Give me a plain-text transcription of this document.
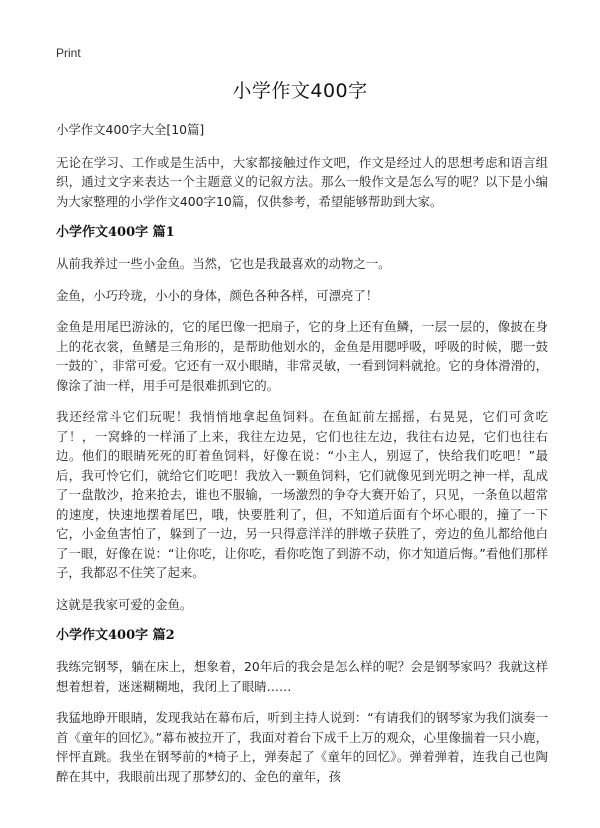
Print
小学作文400字

小学作文400字大全[10篇]

无论在学习、工作或是生活中，大家都接触过作文吧，作文是经过人的思想考虑和语言组织，通过文字来表达一个主题意义的记叙方法。那么一般作文是怎么写的呢？以下是小编为大家整理的小学作文400字10篇，仅供参考，希望能够帮助到大家。

小学作文400字 篇1

从前我养过一些小金鱼。当然，它也是我最喜欢的动物之一。

金鱼，小巧玲珑，小小的身体，颜色各种各样，可漂亮了！

金鱼是用尾巴游泳的，它的尾巴像一把扇子，它的身上还有鱼鳞，一层一层的，像披在身上的花衣裳，鱼鳍是三角形的，是帮助他划水的，金鱼是用腮呼吸，呼吸的时候，腮一鼓一鼓的`，非常可爱。它还有一双小眼睛，非常灵敏，一看到饲料就抢。它的身体滑滑的，像涂了油一样，用手可是很难抓到它的。

我还经常斗它们玩呢！我悄悄地拿起鱼饲料。在鱼缸前左摇摇，右晃晃，它们可贪吃了！，一窝蜂的一样涌了上来，我往左边晃，它们也往左边，我往右边晃，它们也往右边。他们的眼睛死死的盯着鱼饲料，好像在说：“小主人，别逗了，快给我们吃吧！”最后，我可怜它们，就给它们吃吧！我放入一颗鱼饲料，它们就像见到光明之神一样，乱成了一盘散沙，抢来抢去，谁也不服输，一场激烈的争夺大赛开始了，只见，一条鱼以超常的速度，快速地摆着尾巴，哦，快要胜利了，但，不知道后面有个坏心眼的，撞了一下它，小金鱼害怕了，躲到了一边，另一只得意洋洋的胖墩子获胜了，旁边的鱼儿都给他白了一眼，好像在说：“让你吃，让你吃，看你吃饱了到游不动，你才知道后悔。”看他们那样子，我都忍不住笑了起来。

这就是我家可爱的金鱼。

小学作文400字 篇2

我练完钢琴，躺在床上，想象着，20年后的我会是怎么样的呢？会是钢琴家吗？我就这样想着想着，迷迷糊糊地，我闭上了眼睛……

我猛地睁开眼睛，发现我站在幕布后，听到主持人说到：“有请我们的钢琴家为我们演奏一首《童年的回忆》。”幕布被拉开了，我面对着台下成千上万的观众，心里像揣着一只小鹿，怦怦直跳。我坐在钢琴前的*椅子上，弹奏起了《童年的回忆》。弹着弹着，连我自己也陶醉在其中，我眼前出现了那梦幻的、金色的童年，孩
